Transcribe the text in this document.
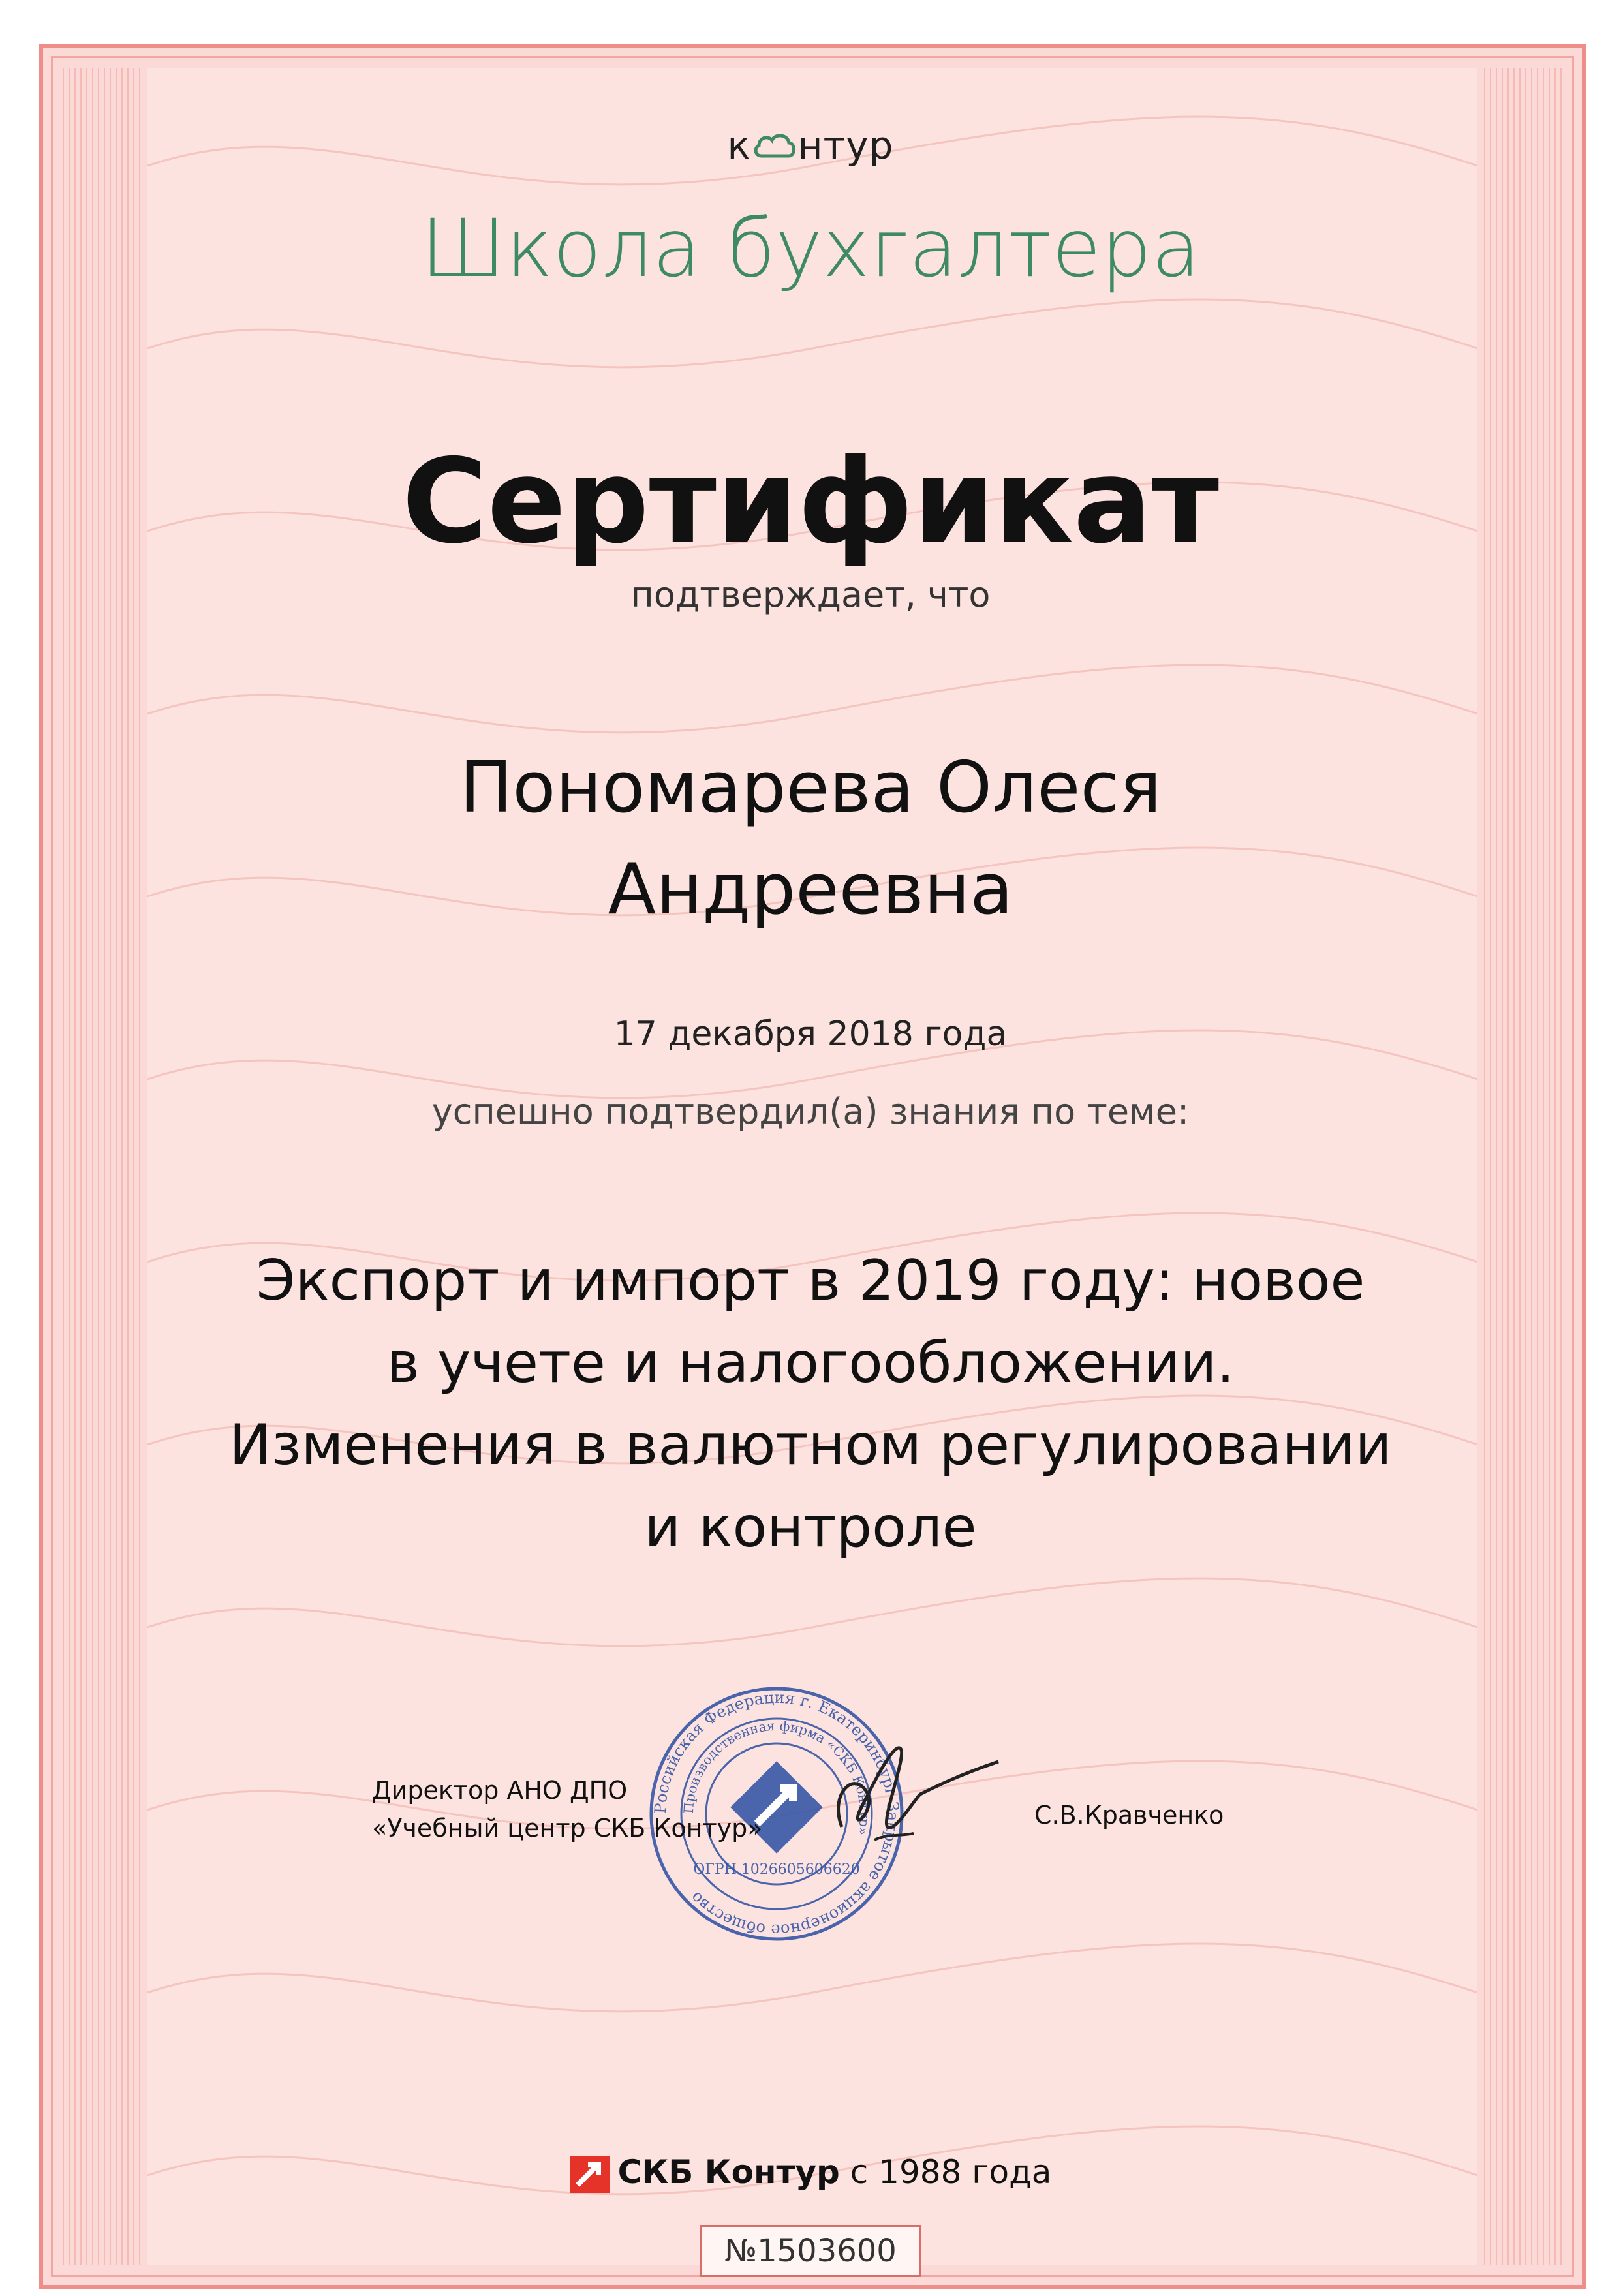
к нтур
Школа бухгалтера
Сертификат
подтверждает, что
Пономарева Олеся
Андреевна
17 декабря 2018 года
успешно подтвердил(а) знания по теме:
Экспорт и импорт в 2019 году: новое
в учете и налогообложении.
Изменения в валютном регулировании
и контроле
Российская Федерация г. Екатеринбург Закрытое акционерное общество
Производственная фирма «СКБ Контур»
ОГРН 1026605606620
Директор АНО ДПО
«Учебный центр СКБ Контур»	С.В.Кравченко
СКБ Контур с 1988 года
№1503600
